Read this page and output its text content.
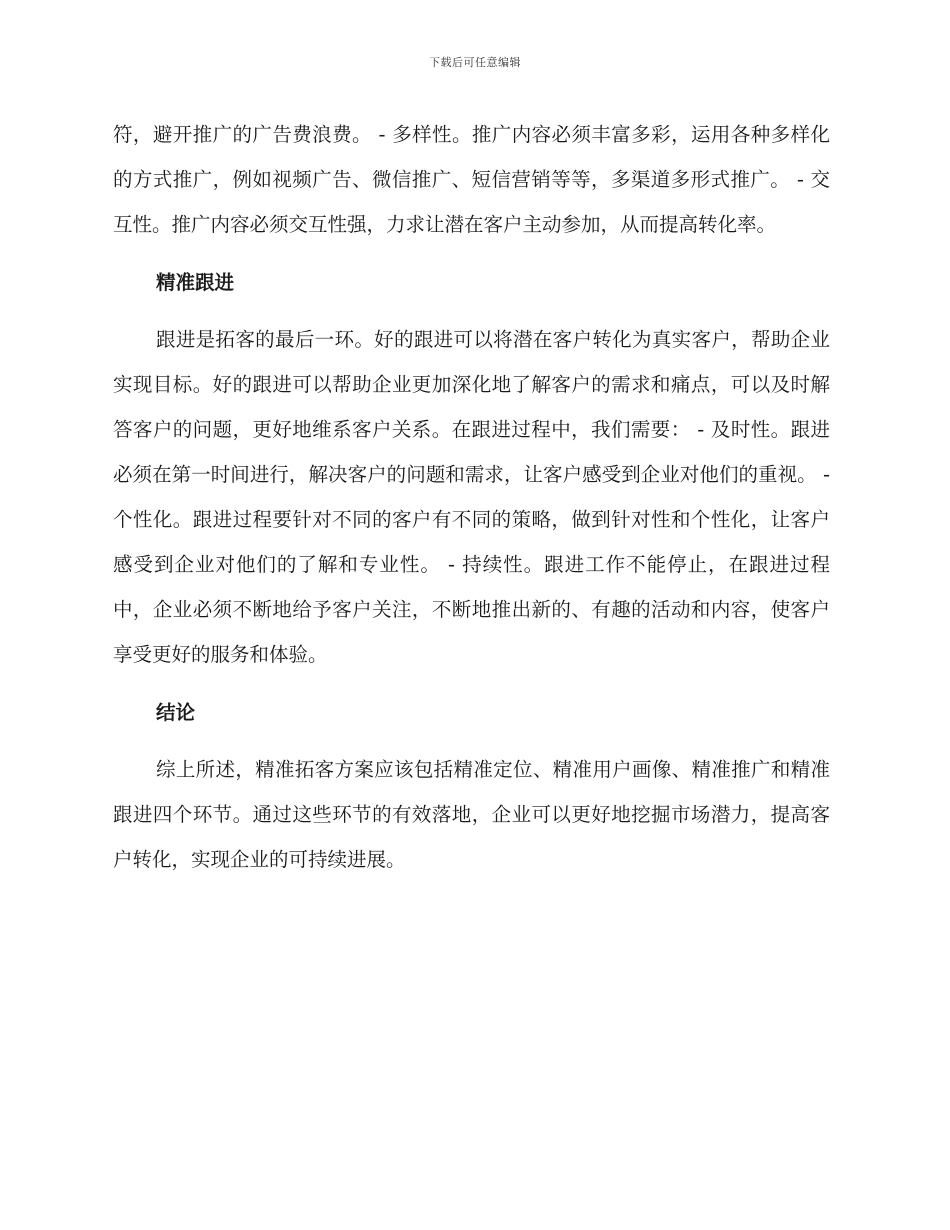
下载后可任意编辑

符，避开推广的广告费浪费。 - 多样性。推广内容必须丰富多彩，运用各种多样化的方式推广，例如视频广告、微信推广、短信营销等等，多渠道多形式推广。 - 交互性。推广内容必须交互性强，力求让潜在客户主动参加，从而提高转化率。

精准跟进

跟进是拓客的最后一环。好的跟进可以将潜在客户转化为真实客户，帮助企业实现目标。好的跟进可以帮助企业更加深化地了解客户的需求和痛点，可以及时解答客户的问题，更好地维系客户关系。在跟进过程中，我们需要： - 及时性。跟进必须在第一时间进行，解决客户的问题和需求，让客户感受到企业对他们的重视。 - 个性化。跟进过程要针对不同的客户有不同的策略，做到针对性和个性化，让客户感受到企业对他们的了解和专业性。 - 持续性。跟进工作不能停止，在跟进过程中，企业必须不断地给予客户关注，不断地推出新的、有趣的活动和内容，使客户享受更好的服务和体验。

结论

综上所述，精准拓客方案应该包括精准定位、精准用户画像、精准推广和精准跟进四个环节。通过这些环节的有效落地，企业可以更好地挖掘市场潜力，提高客户转化，实现企业的可持续进展。
